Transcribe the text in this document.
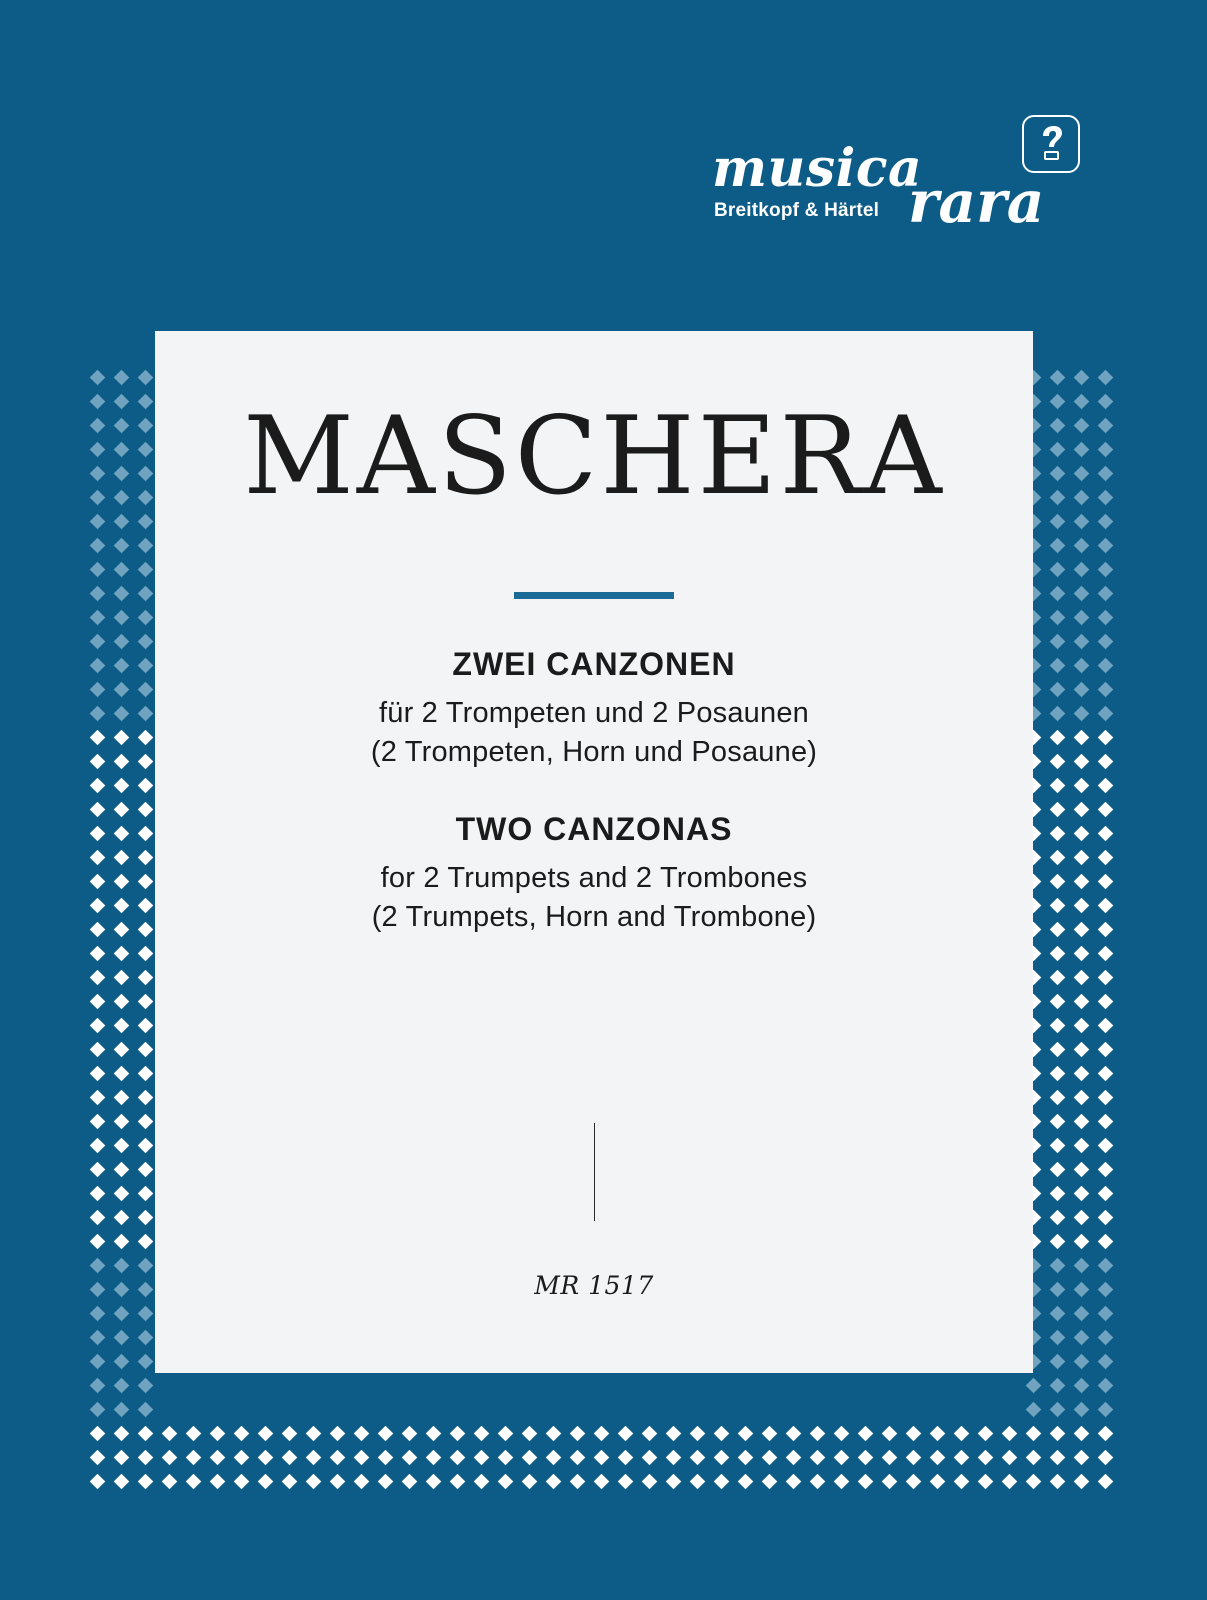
musica
rara
Breitkopf & Härtel
MASCHERA
ZWEI CANZONEN
für 2 Trompeten und 2 Posaunen
(2 Trompeten, Horn und Posaune)
TWO CANZONAS
for 2 Trumpets and 2 Trombones
(2 Trumpets, Horn and Trombone)
MR 1517
